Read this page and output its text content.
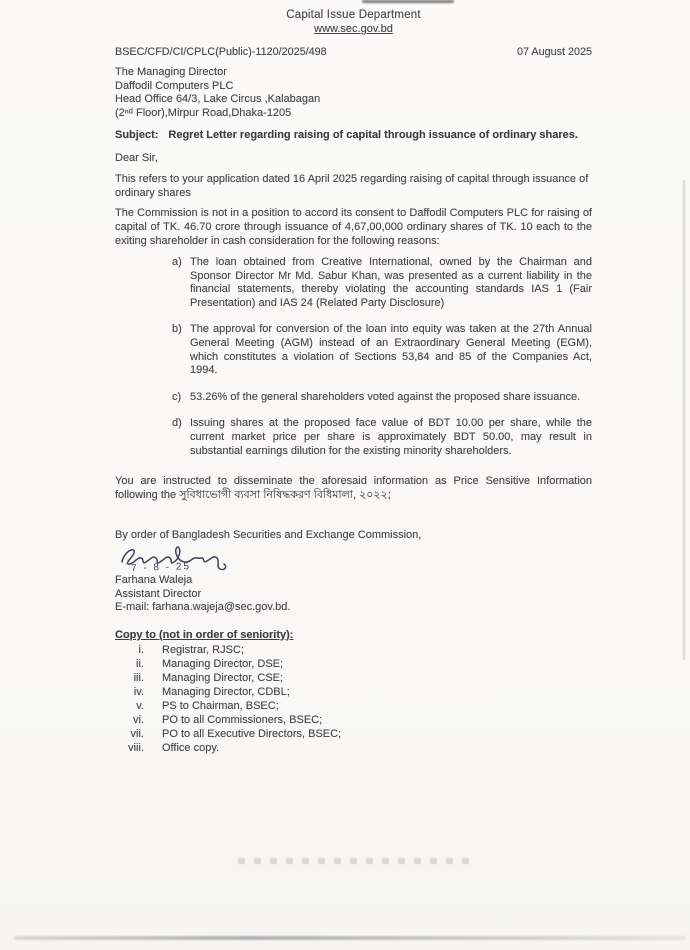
Capital Issue Department
www.sec.gov.bd
BSEC/CFD/CI/CPLC(Public)-1120/2025/498	07 August 2025
The Managing Director
Daffodil Computers PLC
Head Office 64/3, Lake Circus ,Kalabagan
(2ⁿᵈ Floor),Mirpur Road,Dhaka-1205
Subject: Regret Letter regarding raising of capital through issuance of ordinary shares.
Dear Sir,
This refers to your application dated 16 April 2025 regarding raising of capital through issuance of ordinary shares
The Commission is not in a position to accord its consent to Daffodil Computers PLC for raising of capital of TK. 46.70 crore through issuance of 4,67,00,000 ordinary shares of TK. 10 each to the exiting shareholder in cash consideration for the following reasons:
a) The loan obtained from Creative International, owned by the Chairman and Sponsor Director Mr Md. Sabur Khan, was presented as a current liability in the financial statements, thereby violating the accounting standards IAS 1 (Fair Presentation) and IAS 24 (Related Party Disclosure)
b) The approval for conversion of the loan into equity was taken at the 27th Annual General Meeting (AGM) instead of an Extraordinary General Meeting (EGM), which constitutes a violation of Sections 53,84 and 85 of the Companies Act, 1994.
c) 53.26% of the general shareholders voted against the proposed share issuance.
d) Issuing shares at the proposed face value of BDT 10.00 per share, while the current market price per share is approximately BDT 50.00, may result in substantial earnings dilution for the existing minority shareholders.
You are instructed to disseminate the aforesaid information as Price Sensitive Information following the সুবিধাভোগী ব্যবসা নিষিদ্ধকরণ বিধিমালা, ২০২২;
By order of Bangladesh Securities and Exchange Commission,
7 - 8 - 25
Farhana Waleja
Assistant Director
E-mail: farhana.wajeja@sec.gov.bd.
Copy to (not in order of seniority):
i. Registrar, RJSC;
ii. Managing Director, DSE;
iii. Managing Director, CSE;
iv. Managing Director, CDBL;
v. PS to Chairman, BSEC;
vi. PO to all Commissioners, BSEC;
vii. PO to all Executive Directors, BSEC;
viii. Office copy.
